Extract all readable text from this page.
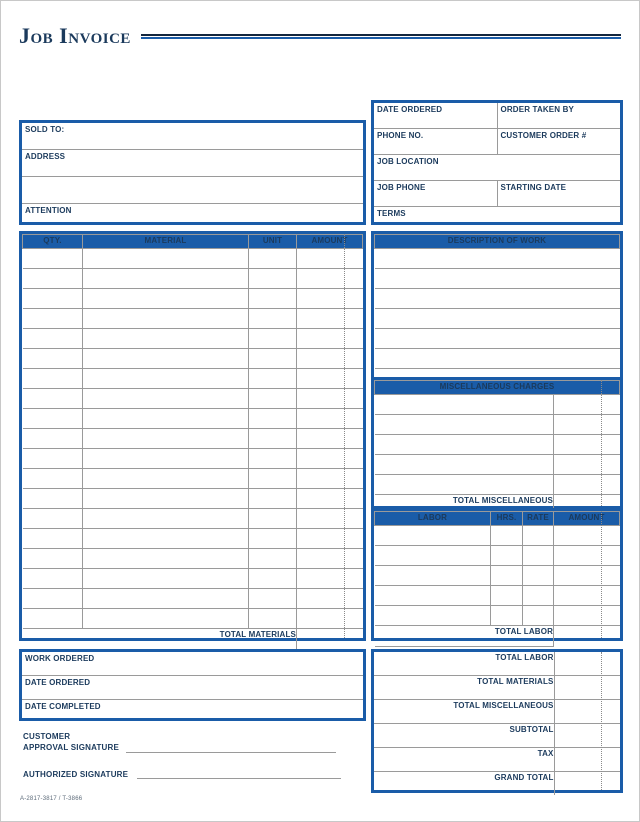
Job Invoice
SOLD TO:

ADDRESS

ATTENTION
DATE ORDERED	ORDER TAKEN BY

PHONE NO.	CUSTOMER ORDER #

JOB LOCATION	

JOB PHONE	STARTING DATE

TERMS	
QTY.	MATERIAL	UNIT	AMOUNT

TOTAL MATERIALS			
DESCRIPTION OF WORK

MISCELLANEOUS CHARGES	

TOTAL MISCELLANEOUS	
LABOR	HRS.	RATE	AMOUNT

TOTAL LABOR			
WORK ORDERED

DATE ORDERED

DATE COMPLETED
CUSTOMER
APPROVAL SIGNATURE
AUTHORIZED SIGNATURE
A-2817-3817 / T-3866
TOTAL LABOR	
TOTAL MATERIALS	
TOTAL MISCELLANEOUS	
SUBTOTAL	
TAX	
GRAND TOTAL	
